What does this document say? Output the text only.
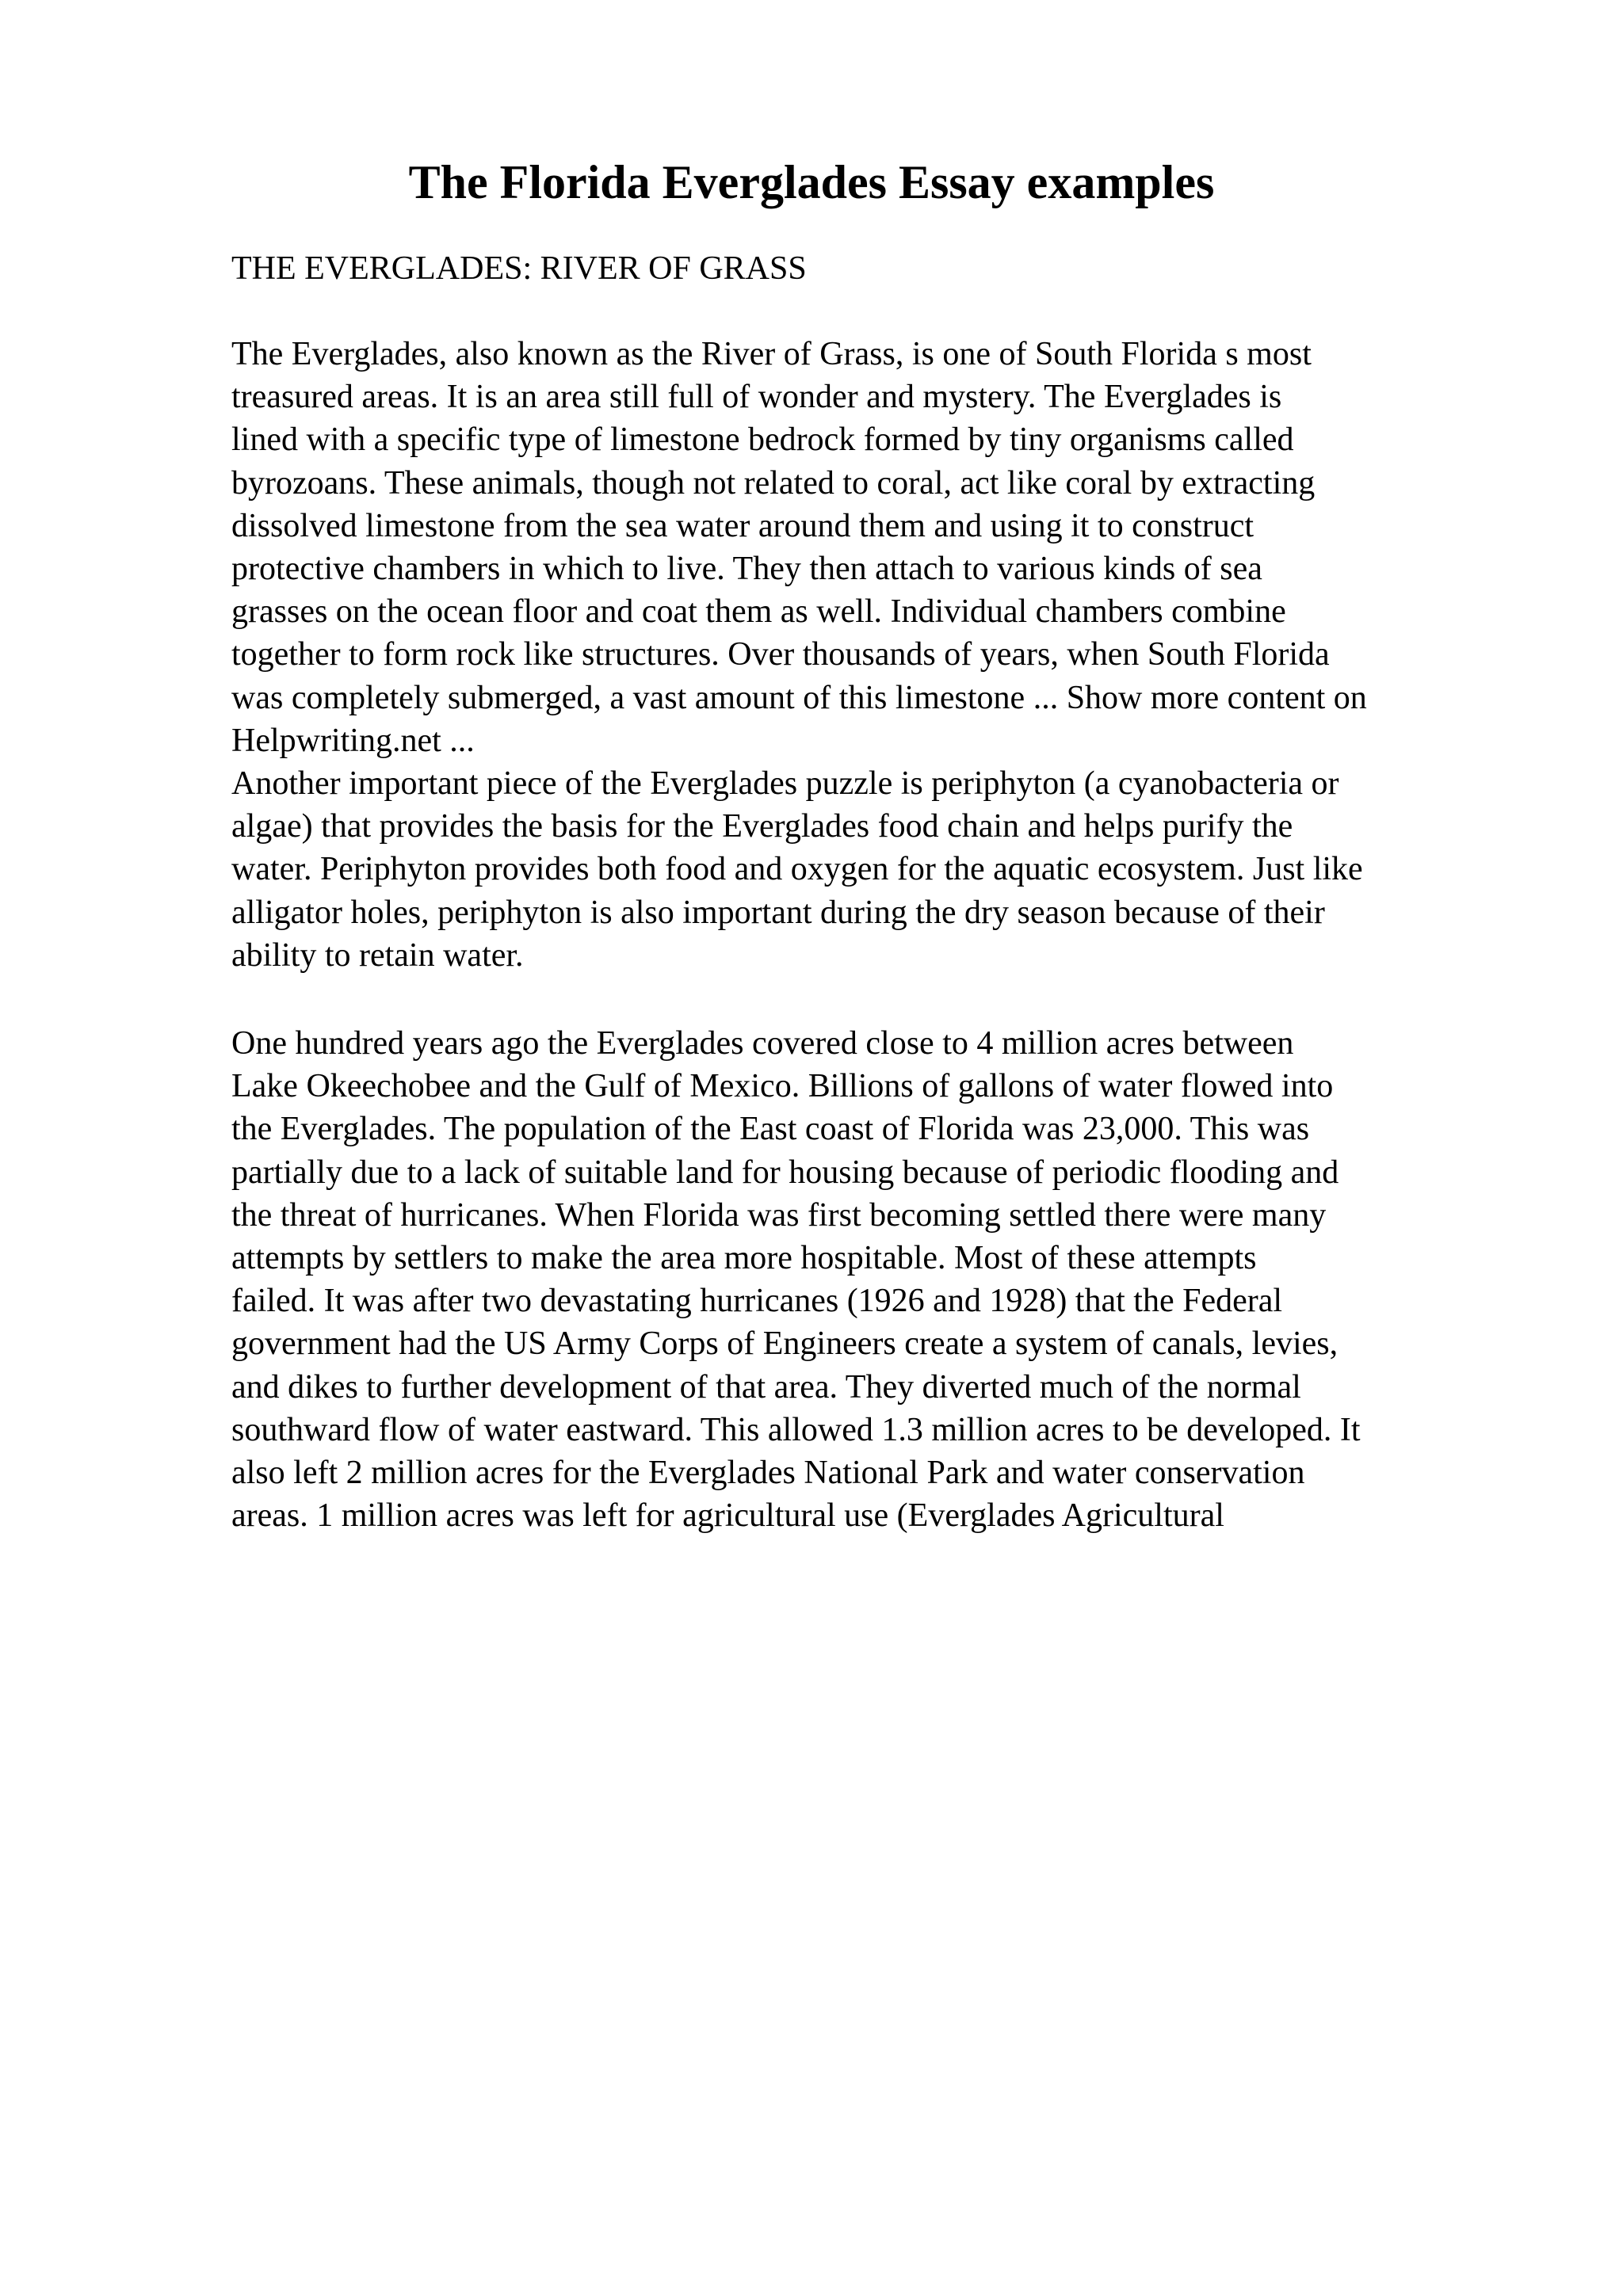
The Florida Everglades Essay examples

THE EVERGLADES: RIVER OF GRASS

The Everglades, also known as the River of Grass, is one of South Florida s most
treasured areas. It is an area still full of wonder and mystery. The Everglades is
lined with a specific type of limestone bedrock formed by tiny organisms called
byrozoans. These animals, though not related to coral, act like coral by extracting
dissolved limestone from the sea water around them and using it to construct
protective chambers in which to live. They then attach to various kinds of sea
grasses on the ocean floor and coat them as well. Individual chambers combine
together to form rock like structures. Over thousands of years, when South Florida
was completely submerged, a vast amount of this limestone ... Show more content on
Helpwriting.net ...
Another important piece of the Everglades puzzle is periphyton (a cyanobacteria or
algae) that provides the basis for the Everglades food chain and helps purify the
water. Periphyton provides both food and oxygen for the aquatic ecosystem. Just like
alligator holes, periphyton is also important during the dry season because of their
ability to retain water.

One hundred years ago the Everglades covered close to 4 million acres between
Lake Okeechobee and the Gulf of Mexico. Billions of gallons of water flowed into
the Everglades. The population of the East coast of Florida was 23,000. This was
partially due to a lack of suitable land for housing because of periodic flooding and
the threat of hurricanes. When Florida was first becoming settled there were many
attempts by settlers to make the area more hospitable. Most of these attempts
failed. It was after two devastating hurricanes (1926 and 1928) that the Federal
government had the US Army Corps of Engineers create a system of canals, levies,
and dikes to further development of that area. They diverted much of the normal
southward flow of water eastward. This allowed 1.3 million acres to be developed. It
also left 2 million acres for the Everglades National Park and water conservation
areas. 1 million acres was left for agricultural use (Everglades Agricultural
